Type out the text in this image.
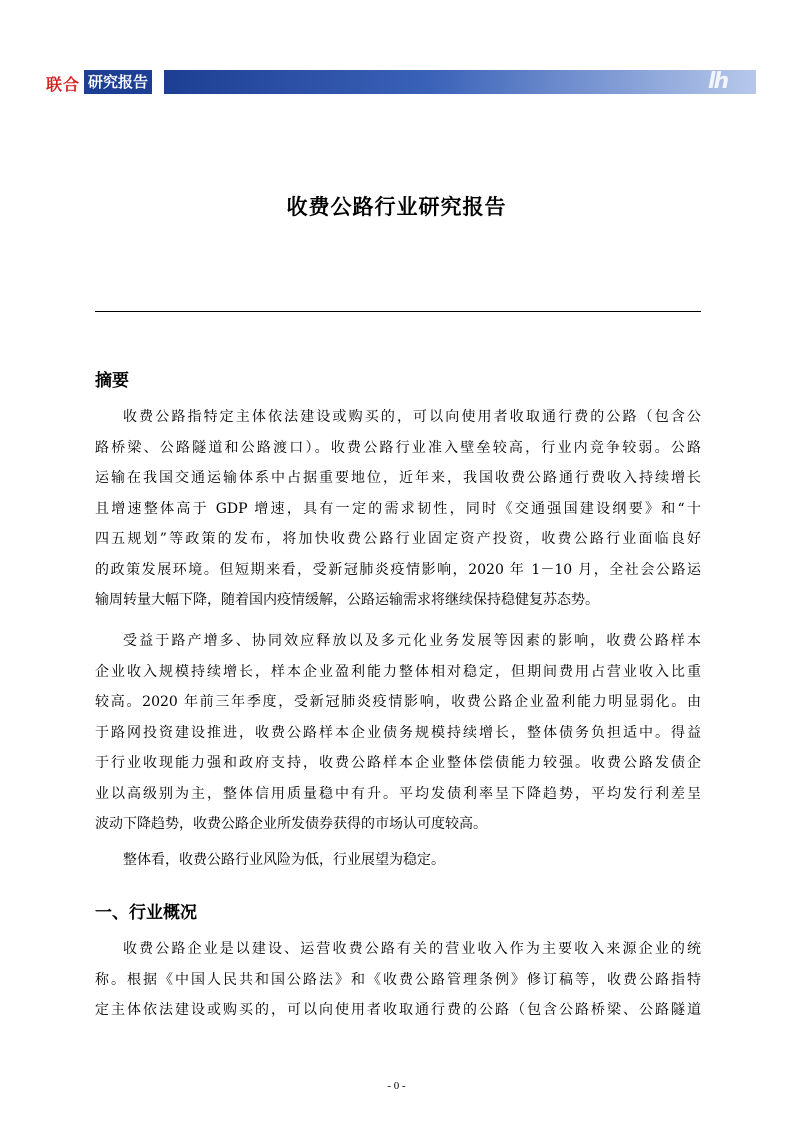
联合 研究报告	lh
收费公路行业研究报告
摘要
收费公路指特定主体依法建设或购买的，可以向使用者收取通行费的公路（包含公
路桥梁、公路隧道和公路渡口）。收费公路行业准入壁垒较高，行业内竞争较弱。公路
运输在我国交通运输体系中占据重要地位，近年来，我国收费公路通行费收入持续增长
且增速整体高于 GDP 增速，具有一定的需求韧性，同时《交通强国建设纲要》和“十
四五规划”等政策的发布，将加快收费公路行业固定资产投资，收费公路行业面临良好
的政策发展环境。但短期来看，受新冠肺炎疫情影响，2020 年 1－10 月，全社会公路运
输周转量大幅下降，随着国内疫情缓解，公路运输需求将继续保持稳健复苏态势。
受益于路产增多、协同效应释放以及多元化业务发展等因素的影响，收费公路样本
企业收入规模持续增长，样本企业盈利能力整体相对稳定，但期间费用占营业收入比重
较高。2020 年前三年季度，受新冠肺炎疫情影响，收费公路企业盈利能力明显弱化。由
于路网投资建设推进，收费公路样本企业债务规模持续增长，整体债务负担适中。得益
于行业收现能力强和政府支持，收费公路样本企业整体偿债能力较强。收费公路发债企
业以高级别为主，整体信用质量稳中有升。平均发债利率呈下降趋势，平均发行利差呈
波动下降趋势，收费公路企业所发债券获得的市场认可度较高。
整体看，收费公路行业风险为低，行业展望为稳定。
一、行业概况
收费公路企业是以建设、运营收费公路有关的营业收入作为主要收入来源企业的统
称。根据《中国人民共和国公路法》和《收费公路管理条例》修订稿等，收费公路指特
定主体依法建设或购买的，可以向使用者收取通行费的公路（包含公路桥梁、公路隧道
- 0 -
